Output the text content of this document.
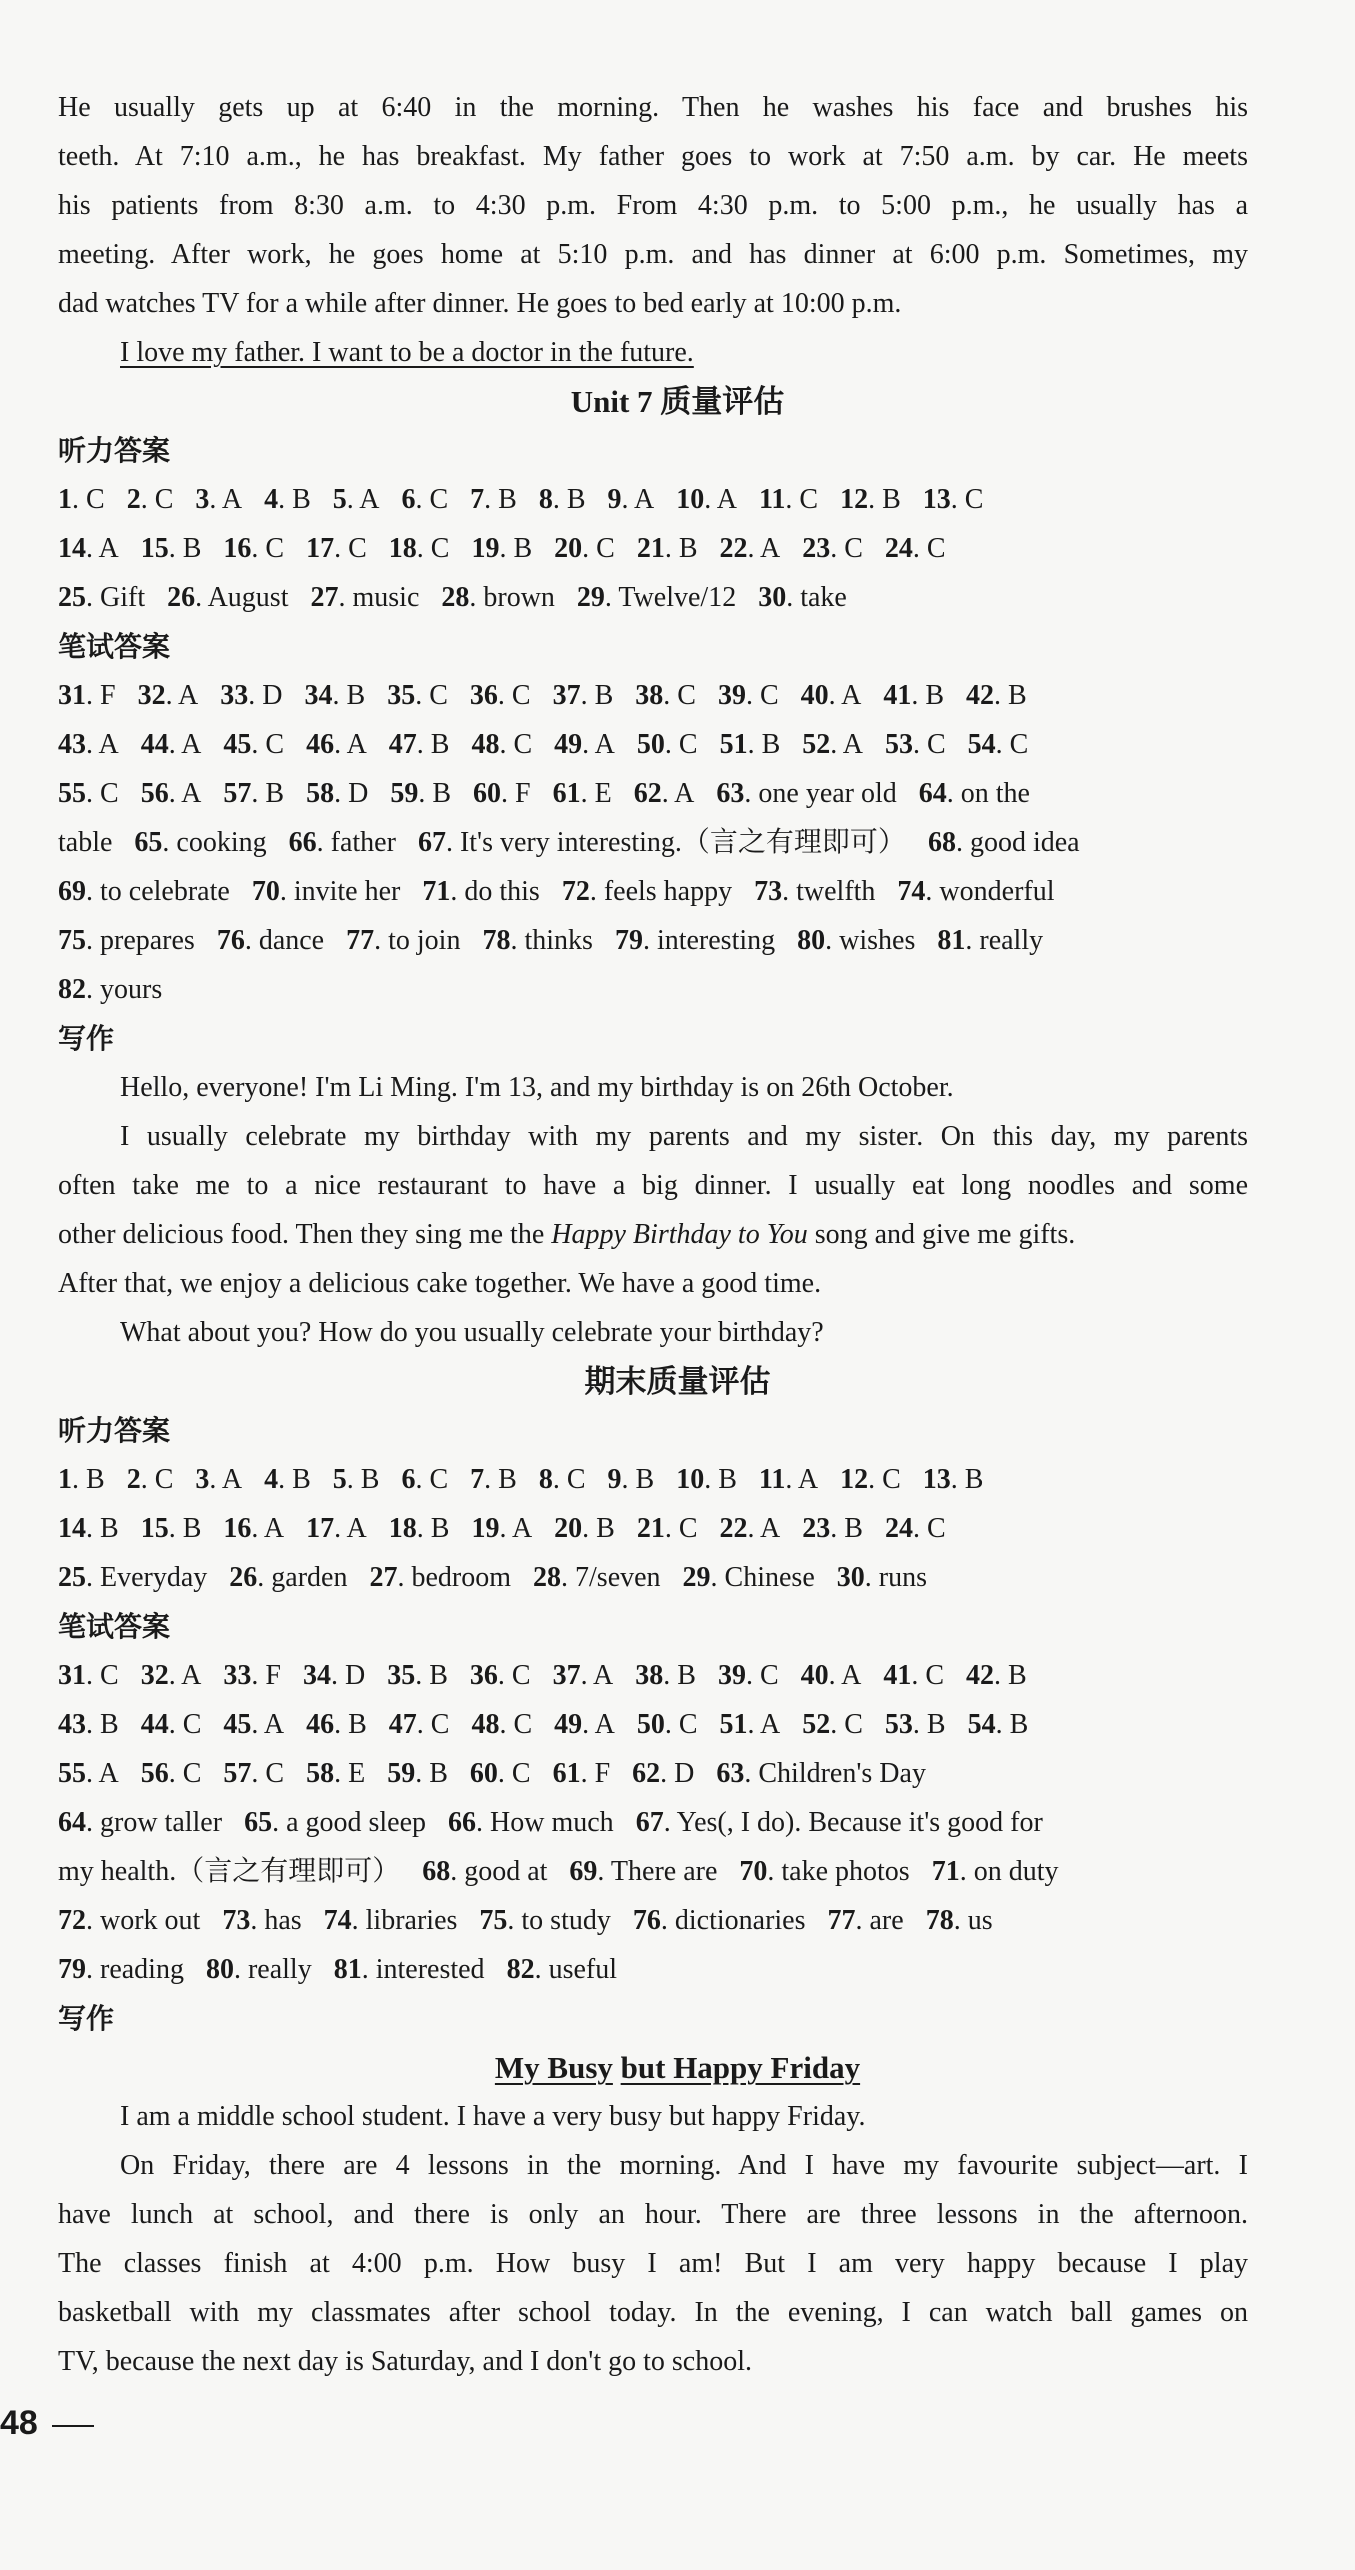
He usually gets up at 6:40 in the morning. Then he washes his face and brushes his
teeth. At 7:10 a.m., he has breakfast. My father goes to work at 7:50 a.m. by car. He meets
his patients from 8:30 a.m. to 4:30 p.m. From 4:30 p.m. to 5:00 p.m., he usually has a
meeting. After work, he goes home at 5:10 p.m. and has dinner at 6:00 p.m. Sometimes, my
dad watches TV for a while after dinner. He goes to bed early at 10:00 p.m.
I love my father. I want to be a doctor in the future.
Unit 7 质量评估
听力答案
1. C 2. C 3. A 4. B 5. A 6. C 7. B 8. B 9. A 10. A 11. C 12. B 13. C
14. A 15. B 16. C 17. C 18. C 19. B 20. C 21. B 22. A 23. C 24. C
25. Gift 26. August 27. music 28. brown 29. Twelve/12 30. take
笔试答案
31. F 32. A 33. D 34. B 35. C 36. C 37. B 38. C 39. C 40. A 41. B 42. B
43. A 44. A 45. C 46. A 47. B 48. C 49. A 50. C 51. B 52. A 53. C 54. C
55. C 56. A 57. B 58. D 59. B 60. F 61. E 62. A 63. one year old 64. on the
table 65. cooking 66. father 67. It's very interesting.（言之有理即可） 68. good idea
69. to celebrate 70. invite her 71. do this 72. feels happy 73. twelfth 74. wonderful
75. prepares 76. dance 77. to join 78. thinks 79. interesting 80. wishes 81. really
82. yours
写作
Hello, everyone! I'm Li Ming. I'm 13, and my birthday is on 26th October.
I usually celebrate my birthday with my parents and my sister. On this day, my parents
often take me to a nice restaurant to have a big dinner. I usually eat long noodles and some
other delicious food. Then they sing me the Happy Birthday to You song and give me gifts.
After that, we enjoy a delicious cake together. We have a good time.
What about you? How do you usually celebrate your birthday?
期末质量评估
听力答案
1. B 2. C 3. A 4. B 5. B 6. C 7. B 8. C 9. B 10. B 11. A 12. C 13. B
14. B 15. B 16. A 17. A 18. B 19. A 20. B 21. C 22. A 23. B 24. C
25. Everyday 26. garden 27. bedroom 28. 7/seven 29. Chinese 30. runs
笔试答案
31. C 32. A 33. F 34. D 35. B 36. C 37. A 38. B 39. C 40. A 41. C 42. B
43. B 44. C 45. A 46. B 47. C 48. C 49. A 50. C 51. A 52. C 53. B 54. B
55. A 56. C 57. C 58. E 59. B 60. C 61. F 62. D 63. Children's Day
64. grow taller 65. a good sleep 66. How much 67. Yes(, I do). Because it's good for
my health.（言之有理即可） 68. good at 69. There are 70. take photos 71. on duty
72. work out 73. has 74. libraries 75. to study 76. dictionaries 77. are 78. us
79. reading 80. really 81. interested 82. useful
写作
My Busy but Happy Friday
I am a middle school student. I have a very busy but happy Friday.
On Friday, there are 4 lessons in the morning. And I have my favourite subject—art. I
have lunch at school, and there is only an hour. There are three lessons in the afternoon.
The classes finish at 4:00 p.m. How busy I am! But I am very happy because I play
basketball with my classmates after school today. In the evening, I can watch ball games on
TV, because the next day is Saturday, and I don't go to school.
48
